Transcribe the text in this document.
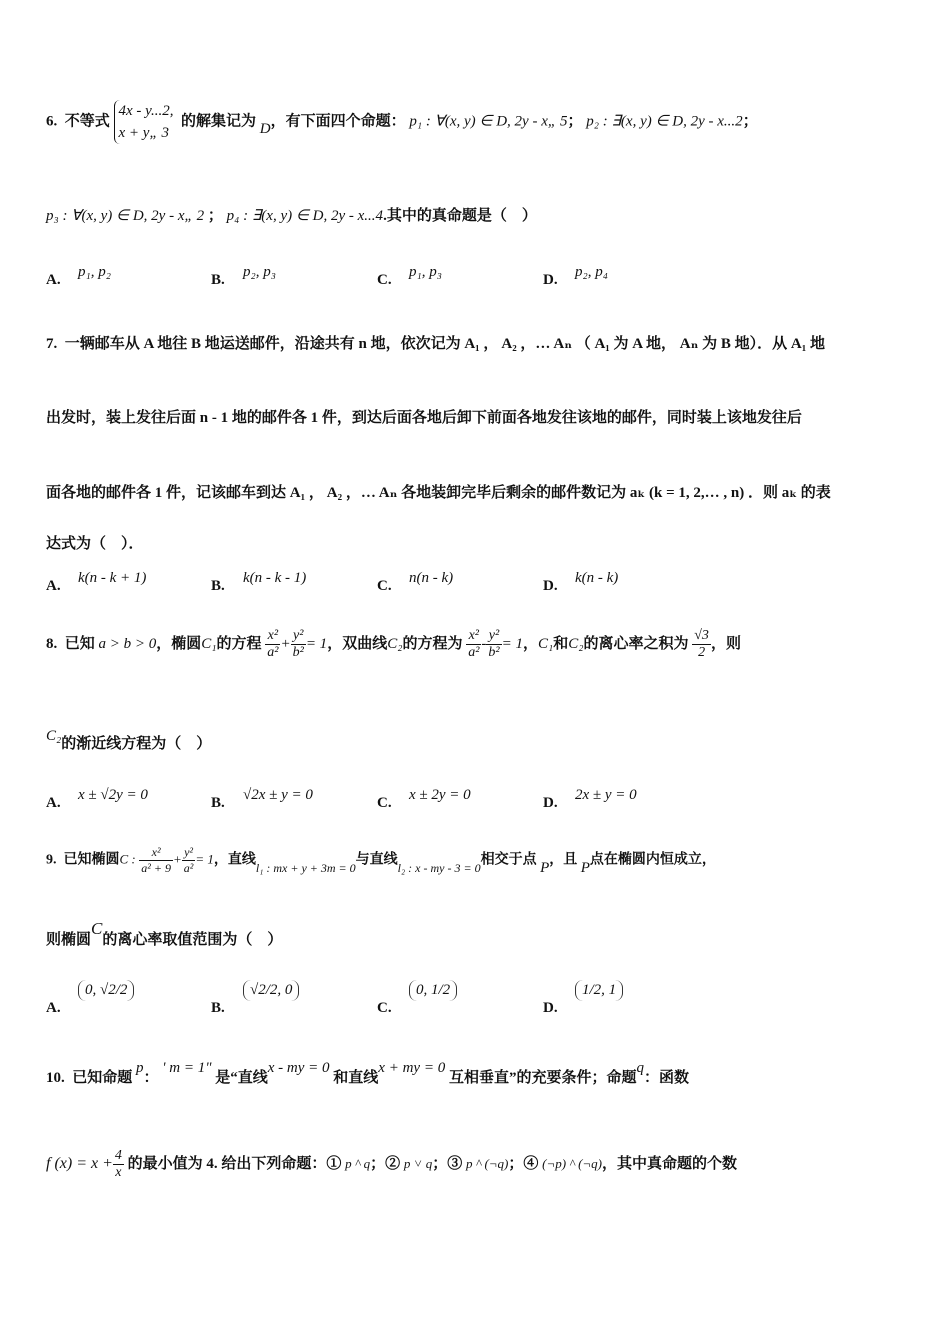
6. 不等式
4x - y...2,
x + y„ 3
的解集记为 D，有下面四个命题： p₁ : ∀(x, y) ∈ D, 2y - x„ 5； p₂ : ∃(x, y) ∈ D, 2y - x...2；
p₃ : ∀(x, y) ∈ D, 2y - x„ 2 ； p₄ : ∃(x, y) ∈ D, 2y - x...4.其中的真命题是（　）
A. p₁, p₂	B. p₂, p₃	C. p₁, p₃	D. p₂, p₄
7. 一辆邮车从 A 地往 B 地运送邮件，沿途共有 n 地，依次记为 A₁ ， A₂ ，… Aₙ （ A₁ 为 A 地， Aₙ 为 B 地）．从 A₁ 地
出发时，装上发往后面 n - 1 地的邮件各 1 件，到达后面各地后卸下前面各地发往该地的邮件，同时装上该地发往后
面各地的邮件各 1 件，记该邮车到达 A₁ ， A₂ ，… Aₙ 各地装卸完毕后剩余的邮件数记为 aₖ (k = 1, 2,… , n) ．则 aₖ 的表
达式为（　）．
A. k(n - k + 1)	B. k(n - k - 1)	C. n(n - k)	D. k(n - k)
8. 已知 a > b > 0，椭圆C₁的方程 $\frac{\text{x²}}{\text{a²}} + \frac{\text{y²}}{\text{b²}} = 1$，双曲线C₂的方程为 $\frac{\text{x²}}{\text{a²}} - \frac{\text{y²}}{\text{b²}} = 1$，C₁和C₂的离心率之积为 $\frac{√3}{2}$ ，则
C₂的渐近线方程为（　）
A. x ± √2y = 0	B. √2x ± y = 0	C. x ± 2y = 0	D. 2x ± y = 0
9. 已知椭圆C : $\frac{\text{x²}}{\text{a² + 9}} + \frac{\text{y²}}{\text{a²}} = 1$，直线l₁ : mx + y + 3m = 0与直线l₂ : x - my - 3 = 0相交于点 P，且 P点在椭圆内恒成立，
则椭圆C的离心率取值范围为（　）
A.0, √2/2
B.√2/2, 0
C.0, 1/2
D.1/2, 1
10. 已知命题 p： ' m = 1" 是“直线x - my = 0 和直线x + my = 0 互相垂直”的充要条件；命题q：函数
f $(x) = x + \frac{4}{x}$ 的最小值为 4. 给出下列命题：① p ^ q；② p ˅ q；③ p ^ (¬q)；④ (¬p) ^ (¬q)，其中真命题的个数
